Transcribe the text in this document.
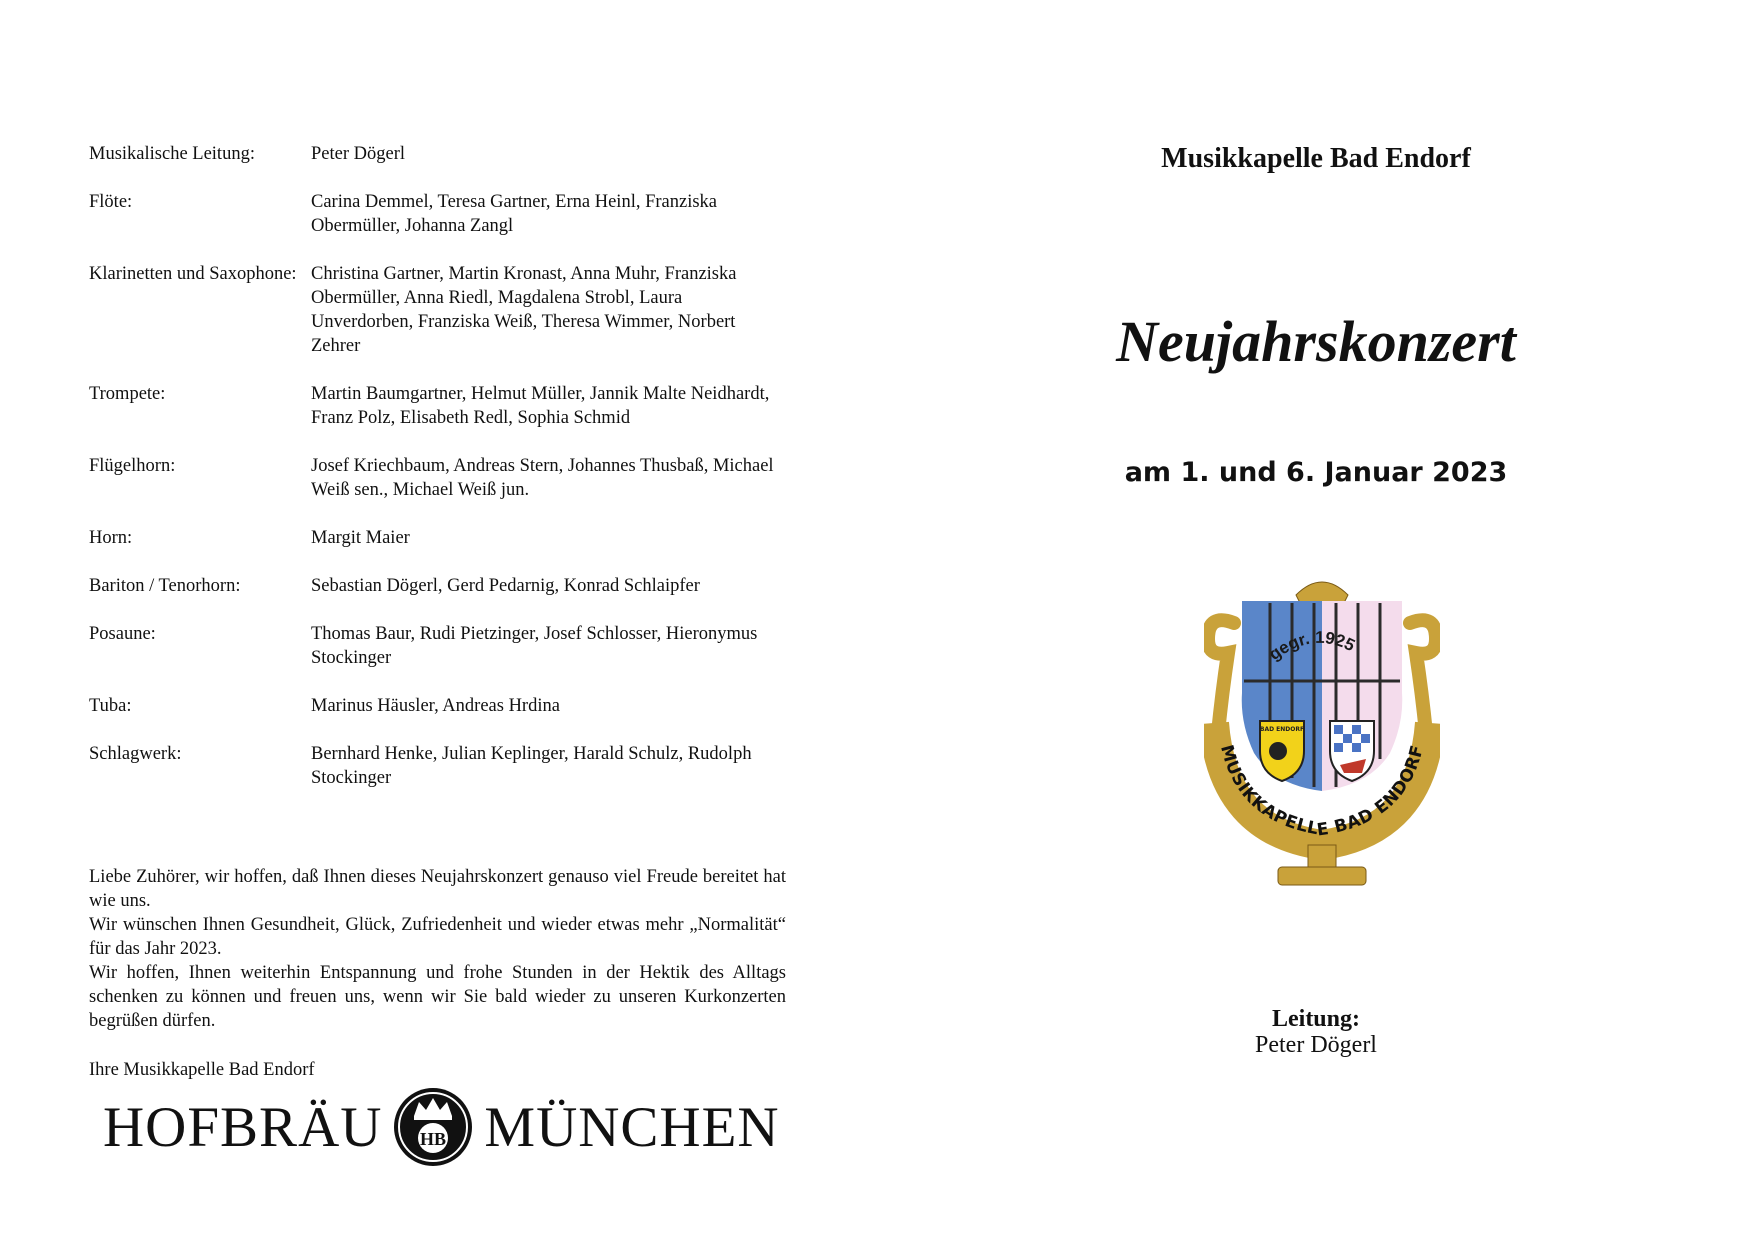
Musikalische Leitung:	Peter Dögerl
Flöte:	Carina Demmel, Teresa Gartner, Erna Heinl, Franziska Obermüller, Johanna Zangl
Klarinetten und Saxophone: Christina Gartner, Martin Kronast, Anna Muhr, Franziska Obermüller, Anna Riedl, Magdalena Strobl, Laura Unverdorben, Franziska Weiß, Theresa Wimmer, Norbert Zehrer
Trompete:	Martin Baumgartner, Helmut Müller, Jannik Malte Neidhardt, Franz Polz, Elisabeth Redl, Sophia Schmid
Flügelhorn:	Josef Kriechbaum, Andreas Stern, Johannes Thusbaß, Michael Weiß sen., Michael Weiß jun.
Horn:	Margit Maier
Bariton / Tenorhorn:	Sebastian Dögerl, Gerd Pedarnig, Konrad Schlaipfer
Posaune:	Thomas Baur, Rudi Pietzinger, Josef Schlosser, Hieronymus Stockinger
Tuba:	Marinus Häusler, Andreas Hrdina
Schlagwerk:	Bernhard Henke, Julian Keplinger, Harald Schulz, Rudolph Stockinger

Liebe Zuhörer, wir hoffen, daß Ihnen dieses Neujahrskonzert genauso viel Freude bereitet hat wie uns.

Wir wünschen Ihnen Gesundheit, Glück, Zufriedenheit und wieder etwas mehr „Normalität“ für das Jahr 2023.

Wir hoffen, Ihnen weiterhin Entspannung und frohe Stunden in der Hektik des Alltags schenken zu können und freuen uns, wenn wir Sie bald wieder zu unseren Kurkonzerten begrüßen dürfen.

Ihre Musikkapelle Bad Endorf
HOFBRÄU HB MÜNCHEN
Musikkapelle Bad Endorf
Neujahrskonzert
am 1. und 6. Januar 2023
gegr. 1925
BAD ENDORF
MUSIKKAPELLE BAD ENDORF
Leitung:
Peter Dögerl
